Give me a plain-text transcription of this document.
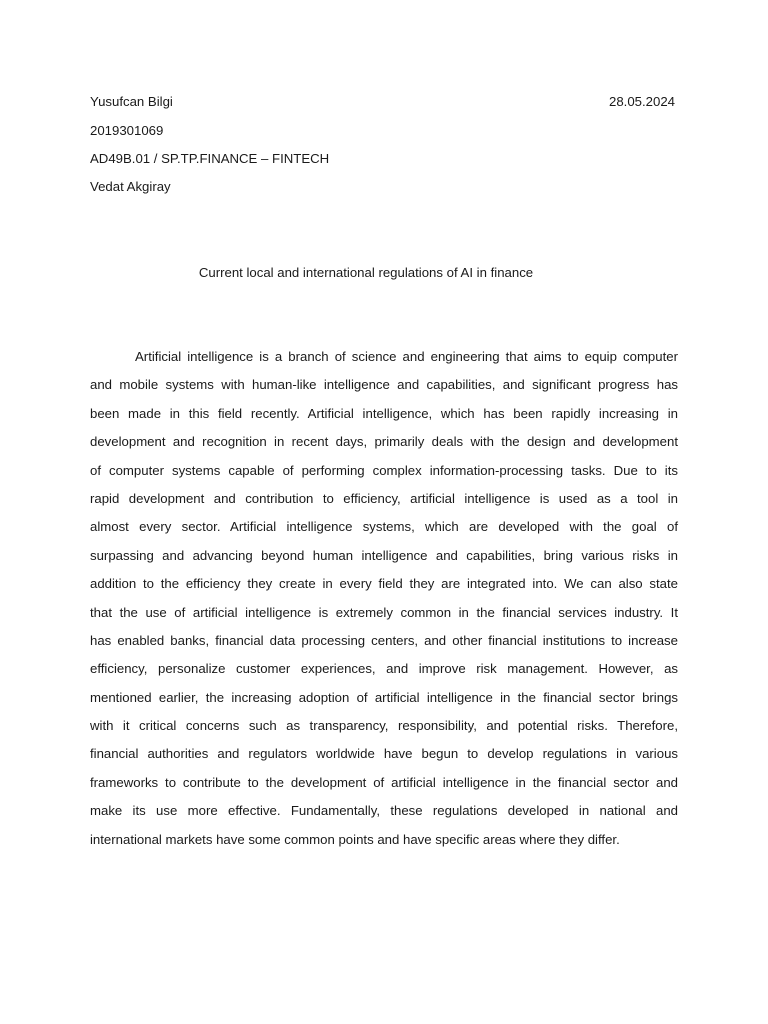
Yusufcan Bilgi
2019301069
AD49B.01 / SP.TP.FINANCE – FINTECH
Vedat Akgiray
28.05.2024
Current local and international regulations of AI in finance
Artificial intelligence is a branch of science and engineering that aims to equip computer
and mobile systems with human-like intelligence and capabilities, and significant progress has
been made in this field recently. Artificial intelligence, which has been rapidly increasing in
development and recognition in recent days, primarily deals with the design and development
of computer systems capable of performing complex information-processing tasks. Due to its
rapid development and contribution to efficiency, artificial intelligence is used as a tool in
almost every sector. Artificial intelligence systems, which are developed with the goal of
surpassing and advancing beyond human intelligence and capabilities, bring various risks in
addition to the efficiency they create in every field they are integrated into. We can also state
that the use of artificial intelligence is extremely common in the financial services industry. It
has enabled banks, financial data processing centers, and other financial institutions to increase
efficiency, personalize customer experiences, and improve risk management. However, as
mentioned earlier, the increasing adoption of artificial intelligence in the financial sector brings
with it critical concerns such as transparency, responsibility, and potential risks. Therefore,
financial authorities and regulators worldwide have begun to develop regulations in various
frameworks to contribute to the development of artificial intelligence in the financial sector and
make its use more effective. Fundamentally, these regulations developed in national and
international markets have some common points and have specific areas where they differ.
